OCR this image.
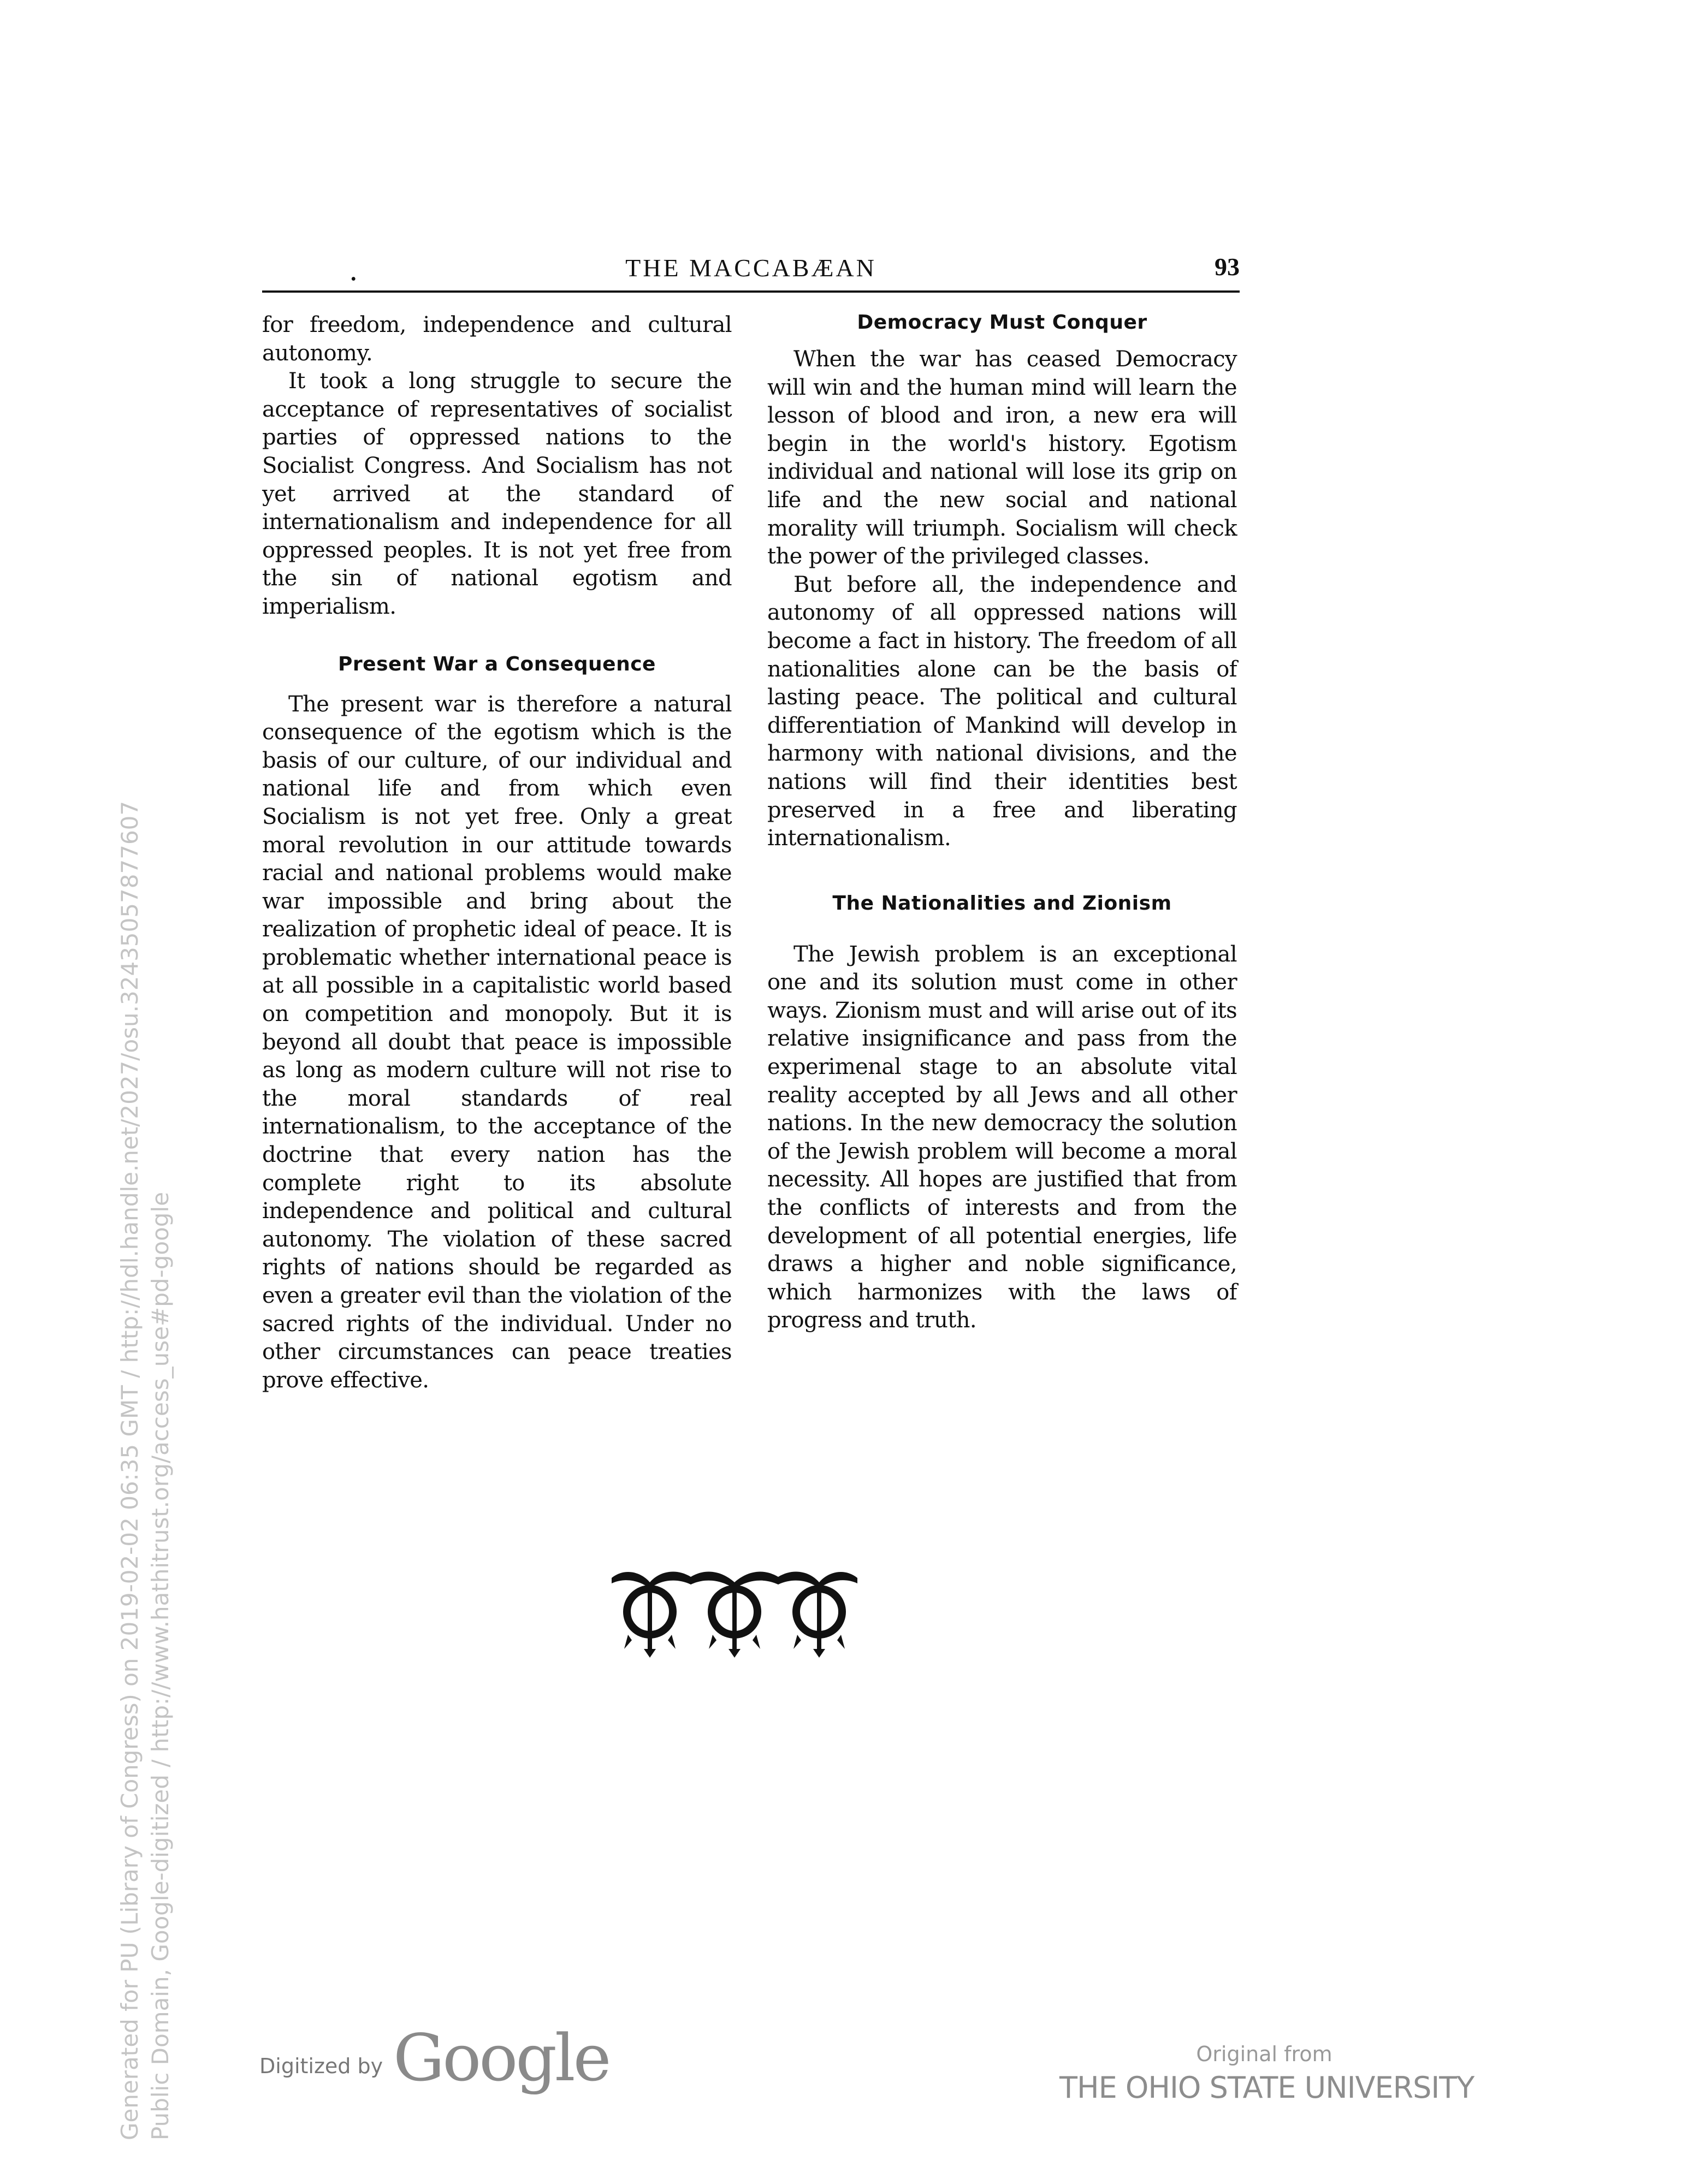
.	THE MACCABÆAN	93

for freedom, independence and cultural autonomy.

It took a long struggle to secure the acceptance of representatives of socialist parties of oppressed nations to the Socialist Congress. And Socialism has not yet arrived at the standard of internationalism and independence for all oppressed peoples. It is not yet free from the sin of national egotism and imperialism.

Present War a Consequence

The present war is therefore a natural consequence of the egotism which is the basis of our culture, of our individual and national life and from which even Socialism is not yet free. Only a great moral revolution in our attitude towards racial and national problems would make war impossible and bring about the realization of prophetic ideal of peace. It is problematic whether international peace is at all possible in a capitalistic world based on competition and monopoly. But it is beyond all doubt that peace is impossible as long as modern culture will not rise to the moral standards of real internationalism, to the acceptance of the doctrine that every nation has the complete right to its absolute independence and political and cultural autonomy. The violation of these sacred rights of nations should be regarded as even a greater evil than the violation of the sacred rights of the individual. Under no other circumstances can peace treaties prove effective.

Democracy Must Conquer

When the war has ceased Democracy will win and the human mind will learn the lesson of blood and iron, a new era will begin in the world's history. Egotism individual and national will lose its grip on life and the new social and national morality will triumph. Socialism will check the power of the privileged classes.

But before all, the independence and autonomy of all oppressed nations will become a fact in history. The freedom of all nationalities alone can be the basis of lasting peace. The political and cultural differentiation of Mankind will develop in harmony with national divisions, and the nations will find their identities best preserved in a free and liberating internationalism.

The Nationalities and Zionism

The Jewish problem is an exceptional one and its solution must come in other ways. Zionism must and will arise out of its relative insignificance and pass from the experimenal stage to an absolute vital reality accepted by all Jews and all other nations. In the new democracy the solution of the Jewish problem will become a moral necessity. All hopes are justified that from the conflicts of interests and from the development of all potential energies, life draws a higher and noble significance, which harmonizes with the laws of progress and truth.

Digitized by Google	Original from
THE OHIO STATE UNIVERSITY
Generated for PU (Library of Congress) on 2019-02-02 06:35 GMT / http://hdl.handle.net/2027/osu.32435057877607 Public Domain, Google-digitized / http://www.hathitrust.org/access_use#pd-google
